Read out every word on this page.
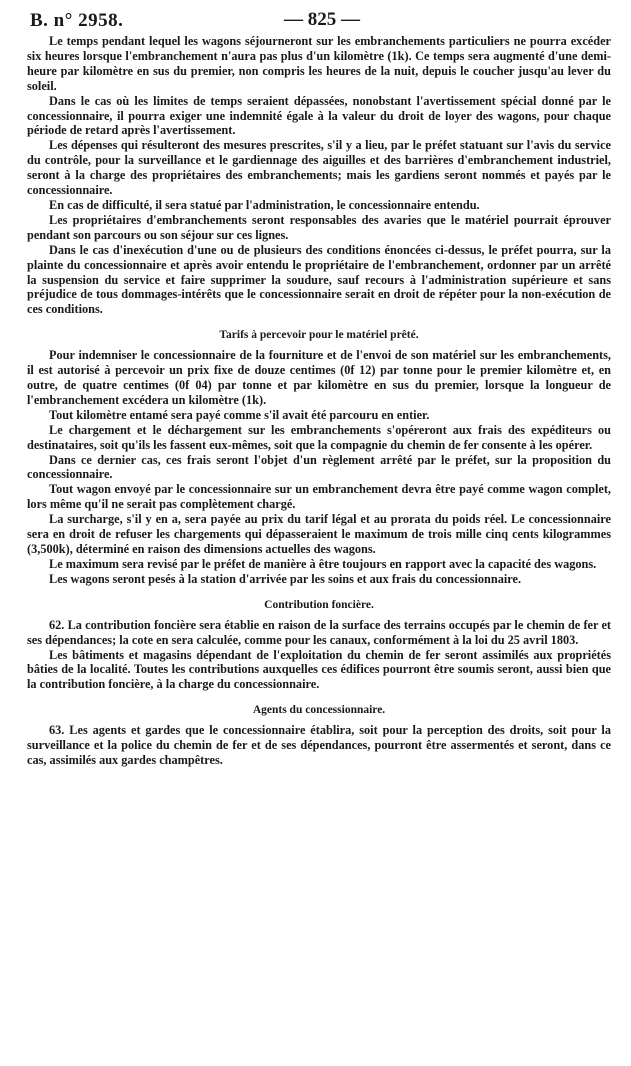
B. n° 2958.	— 825 —

Le temps pendant lequel les wagons séjourneront sur les embranchements particuliers ne pourra excéder six heures lorsque l'embranchement n'aura pas plus d'un kilomètre (1k). Ce temps sera augmenté d'une demi-heure par kilomètre en sus du premier, non compris les heures de la nuit, depuis le coucher jusqu'au lever du soleil.

Dans le cas où les limites de temps seraient dépassées, nonobstant l'avertissement spécial donné par le concessionnaire, il pourra exiger une indemnité égale à la valeur du droit de loyer des wagons, pour chaque période de retard après l'avertissement.

Les dépenses qui résulteront des mesures prescrites, s'il y a lieu, par le préfet statuant sur l'avis du service du contrôle, pour la surveillance et le gardiennage des aiguilles et des barrières d'embranchement industriel, seront à la charge des propriétaires des embranchements; mais les gardiens seront nommés et payés par le concessionnaire.

En cas de difficulté, il sera statué par l'administration, le concessionnaire entendu.

Les propriétaires d'embranchements seront responsables des avaries que le matériel pourrait éprouver pendant son parcours ou son séjour sur ces lignes.

Dans le cas d'inexécution d'une ou de plusieurs des conditions énoncées ci-dessus, le préfet pourra, sur la plainte du concessionnaire et après avoir entendu le propriétaire de l'embranchement, ordonner par un arrêté la suspension du service et faire supprimer la soudure, sauf recours à l'administration supérieure et sans préjudice de tous dommages-intérêts que le concessionnaire serait en droit de répéter pour la non-exécution de ces conditions.

Tarifs à percevoir pour le matériel prêté.

Pour indemniser le concessionnaire de la fourniture et de l'envoi de son matériel sur les embranchements, il est autorisé à percevoir un prix fixe de douze centimes (0f 12) par tonne pour le premier kilomètre et, en outre, de quatre centimes (0f 04) par tonne et par kilomètre en sus du premier, lorsque la longueur de l'embranchement excédera un kilomètre (1k).

Tout kilomètre entamé sera payé comme s'il avait été parcouru en entier.

Le chargement et le déchargement sur les embranchements s'opéreront aux frais des expéditeurs ou destinataires, soit qu'ils les fassent eux-mêmes, soit que la compagnie du chemin de fer consente à les opérer.

Dans ce dernier cas, ces frais seront l'objet d'un règlement arrêté par le préfet, sur la proposition du concessionnaire.

Tout wagon envoyé par le concessionnaire sur un embranchement devra être payé comme wagon complet, lors même qu'il ne serait pas complètement chargé.

La surcharge, s'il y en a, sera payée au prix du tarif légal et au prorata du poids réel. Le concessionnaire sera en droit de refuser les chargements qui dépasseraient le maximum de trois mille cinq cents kilogrammes (3,500k), déterminé en raison des dimensions actuelles des wagons.

Le maximum sera revisé par le préfet de manière à être toujours en rapport avec la capacité des wagons.

Les wagons seront pesés à la station d'arrivée par les soins et aux frais du concessionnaire.

Contribution foncière.

62. La contribution foncière sera établie en raison de la surface des terrains occupés par le chemin de fer et ses dépendances; la cote en sera calculée, comme pour les canaux, conformément à la loi du 25 avril 1803.

Les bâtiments et magasins dépendant de l'exploitation du chemin de fer seront assimilés aux propriétés bâties de la localité. Toutes les contributions auxquelles ces édifices pourront être soumis seront, aussi bien que la contribution foncière, à la charge du concessionnaire.

Agents du concessionnaire.

63. Les agents et gardes que le concessionnaire établira, soit pour la perception des droits, soit pour la surveillance et la police du chemin de fer et de ses dépendances, pourront être assermentés et seront, dans ce cas, assimilés aux gardes champêtres.
